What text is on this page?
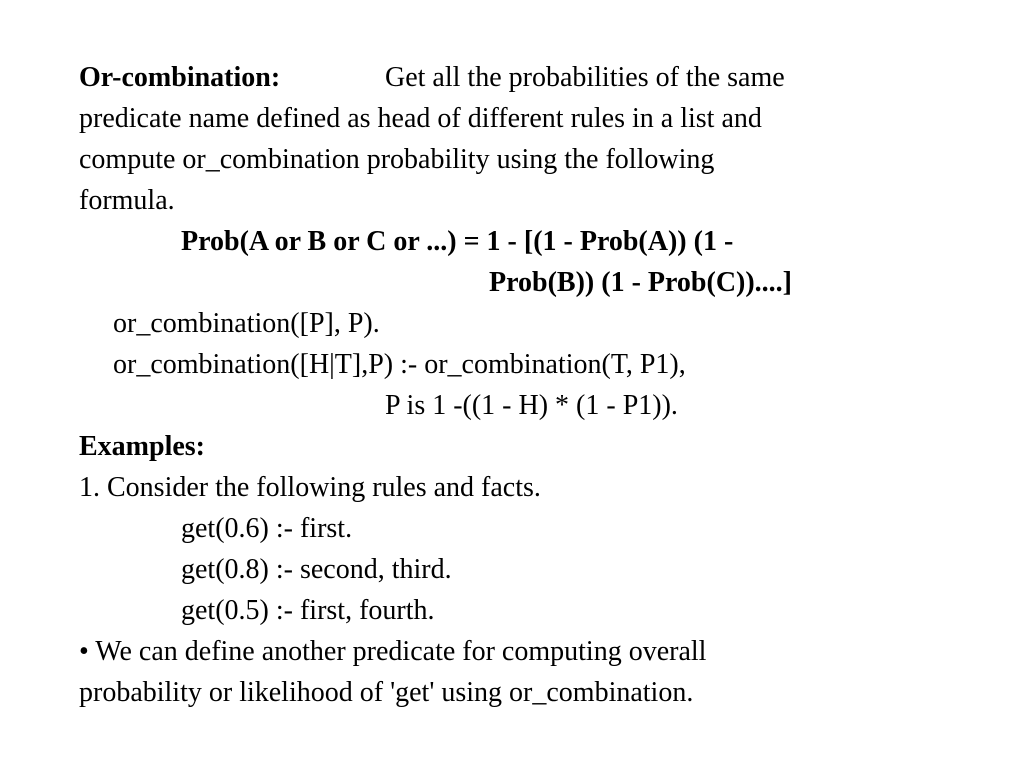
Or-combination:	Get all the probabilities of the same
predicate name defined as head of different rules in a list and
compute or_combination probability using the following
formula.
Prob(A or B or C or ...) = 1 - [(1 - Prob(A)) (1 -
Prob(B)) (1 - Prob(C))....]
or_combination([P], P).
or_combination([H|T],P) :- or_combination(T, P1),
P is 1 -((1 - H) * (1 - P1)).
Examples:
1. Consider the following rules and facts.
get(0.6) :- first.
get(0.8) :- second, third.
get(0.5) :- first, fourth.
• We can define another predicate for computing overall
probability or likelihood of 'get' using or_combination.
